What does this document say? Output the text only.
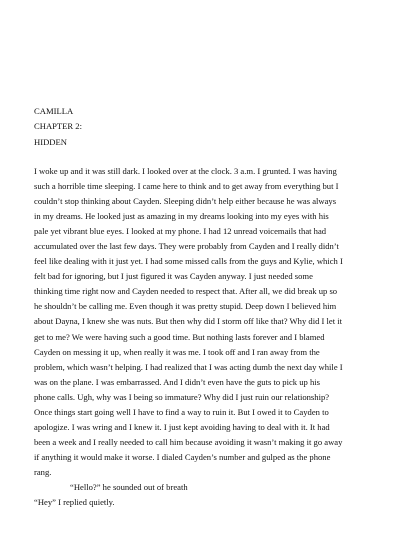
CAMILLA
CHAPTER 2:
HIDDEN
I woke up and it was still dark. I looked over at the clock. 3 a.m. I grunted. I was having
such a horrible time sleeping. I came here to think and to get away from everything but I
couldn’t stop thinking about Cayden. Sleeping didn’t help either because he was always
in my dreams. He looked just as amazing in my dreams looking into my eyes with his
pale yet vibrant blue eyes. I looked at my phone. I had 12 unread voicemails that had
accumulated over the last few days. They were probably from Cayden and I really didn’t
feel like dealing with it just yet. I had some missed calls from the guys and Kylie, which I
felt bad for ignoring, but I just figured it was Cayden anyway. I just needed some
thinking time right now and Cayden needed to respect that. After all, we did break up so
he shouldn’t be calling me. Even though it was pretty stupid. Deep down I believed him
about Dayna, I knew she was nuts. But then why did I storm off like that? Why did I let it
get to me? We were having such a good time. But nothing lasts forever and I blamed
Cayden on messing it up, when really it was me. I took off and I ran away from the
problem, which wasn’t helping. I had realized that I was acting dumb the next day while I
was on the plane. I was embarrassed. And I didn’t even have the guts to pick up his
phone calls. Ugh, why was I being so immature? Why did I just ruin our relationship?
Once things start going well I have to find a way to ruin it. But I owed it to Cayden to
apologize. I was wring and I knew it. I just kept avoiding having to deal with it. It had
been a week and I really needed to call him because avoiding it wasn’t making it go away
if anything it would make it worse. I dialed Cayden’s number and gulped as the phone
rang.
“Hello?” he sounded out of breath
“Hey” I replied quietly.
